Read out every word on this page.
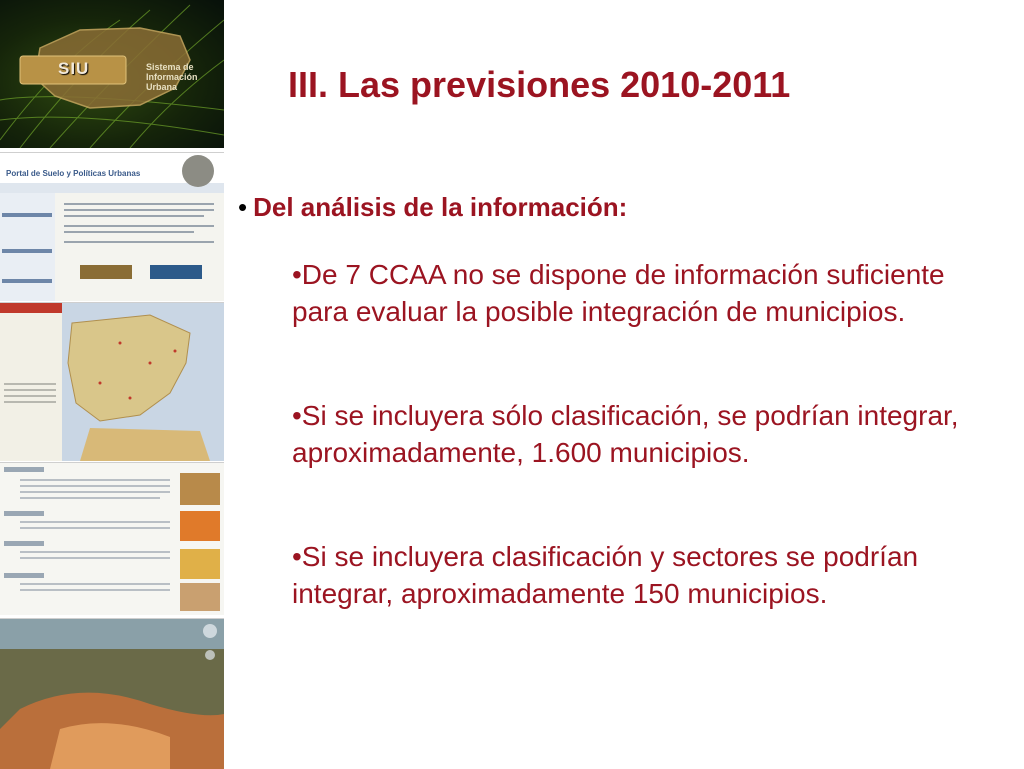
SIU	Sistema de Información Urbana
Portal de Suelo y Políticas Urbanas
III. Las previsiones 2010-2011
• Del análisis de la información:
•De 7 CCAA no se dispone de información suficiente para evaluar la posible integración de municipios.
•Si se incluyera sólo clasificación, se podrían integrar, aproximadamente, 1.600 municipios.
•Si se incluyera clasificación y sectores se podrían integrar, aproximadamente 150 municipios.
